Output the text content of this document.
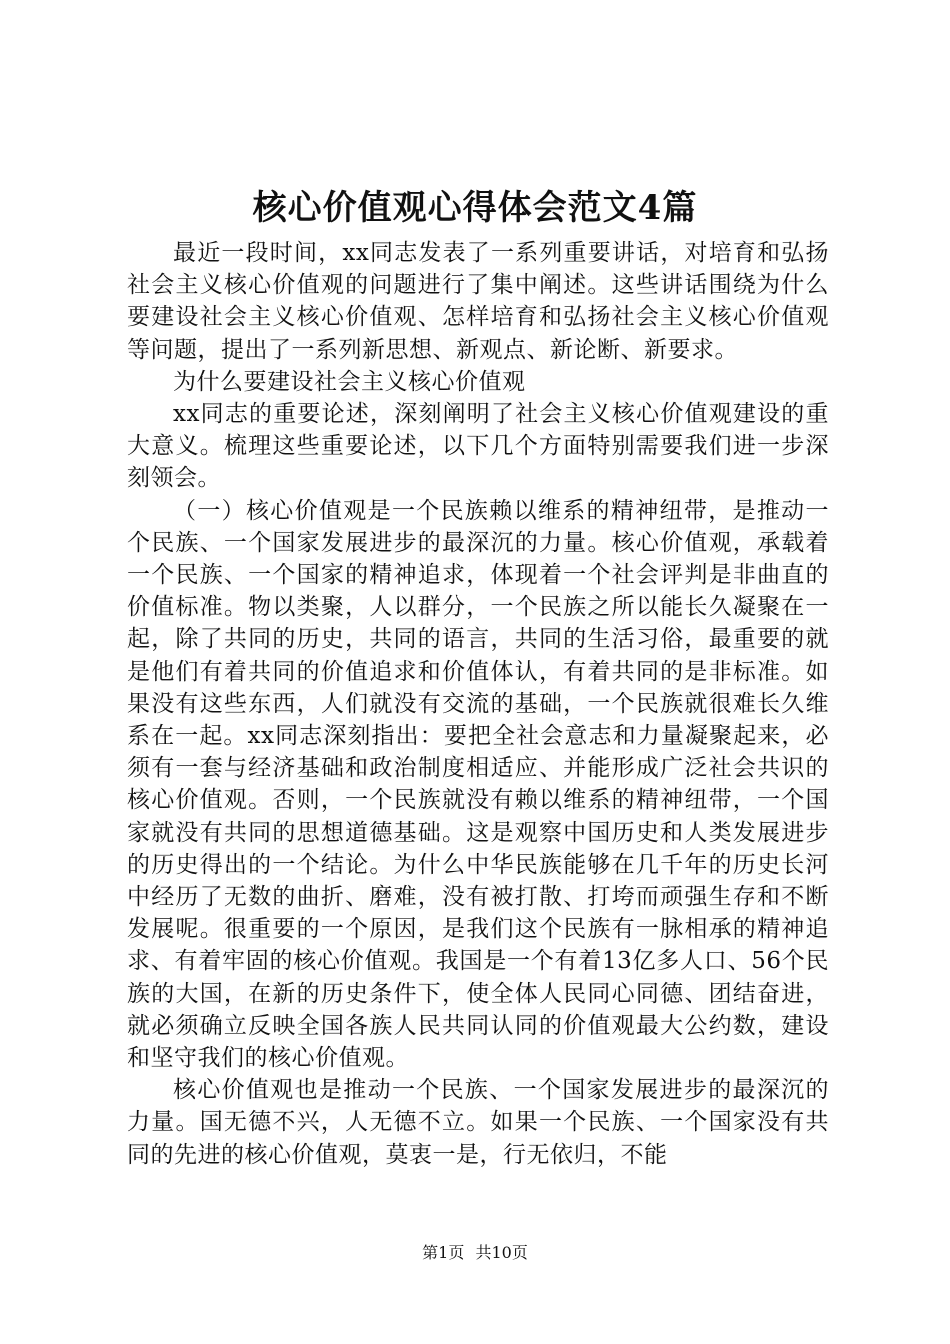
核心价值观心得体会范文4篇

最近一段时间，xx同志发表了一系列重要讲话，对培育和弘扬社会主义核心价值观的问题进行了集中阐述。这些讲话围绕为什么要建设社会主义核心价值观、怎样培育和弘扬社会主义核心价值观等问题，提出了一系列新思想、新观点、新论断、新要求。

为什么要建设社会主义核心价值观

xx同志的重要论述，深刻阐明了社会主义核心价值观建设的重大意义。梳理这些重要论述，以下几个方面特别需要我们进一步深刻领会。

（一）核心价值观是一个民族赖以维系的精神纽带，是推动一个民族、一个国家发展进步的最深沉的力量。核心价值观，承载着一个民族、一个国家的精神追求，体现着一个社会评判是非曲直的价值标准。物以类聚，人以群分，一个民族之所以能长久凝聚在一起，除了共同的历史，共同的语言，共同的生活习俗，最重要的就是他们有着共同的价值追求和价值体认，有着共同的是非标准。如果没有这些东西，人们就没有交流的基础，一个民族就很难长久维系在一起。xx同志深刻指出：要把全社会意志和力量凝聚起来，必须有一套与经济基础和政治制度相适应、并能形成广泛社会共识的核心价值观。否则，一个民族就没有赖以维系的精神纽带，一个国家就没有共同的思想道德基础。这是观察中国历史和人类发展进步的历史得出的一个结论。为什么中华民族能够在几千年的历史长河中经历了无数的曲折、磨难，没有被打散、打垮而顽强生存和不断发展呢。很重要的一个原因，是我们这个民族有一脉相承的精神追求、有着牢固的核心价值观。我国是一个有着13亿多人口、56个民族的大国，在新的历史条件下，使全体人民同心同德、团结奋进，就必须确立反映全国各族人民共同认同的价值观最大公约数，建设和坚守我们的核心价值观。

核心价值观也是推动一个民族、一个国家发展进步的最深沉的力量。国无德不兴，人无德不立。如果一个民族、一个国家没有共同的先进的核心价值观，莫衷一是，行无依归，不能

第1页 共10页
